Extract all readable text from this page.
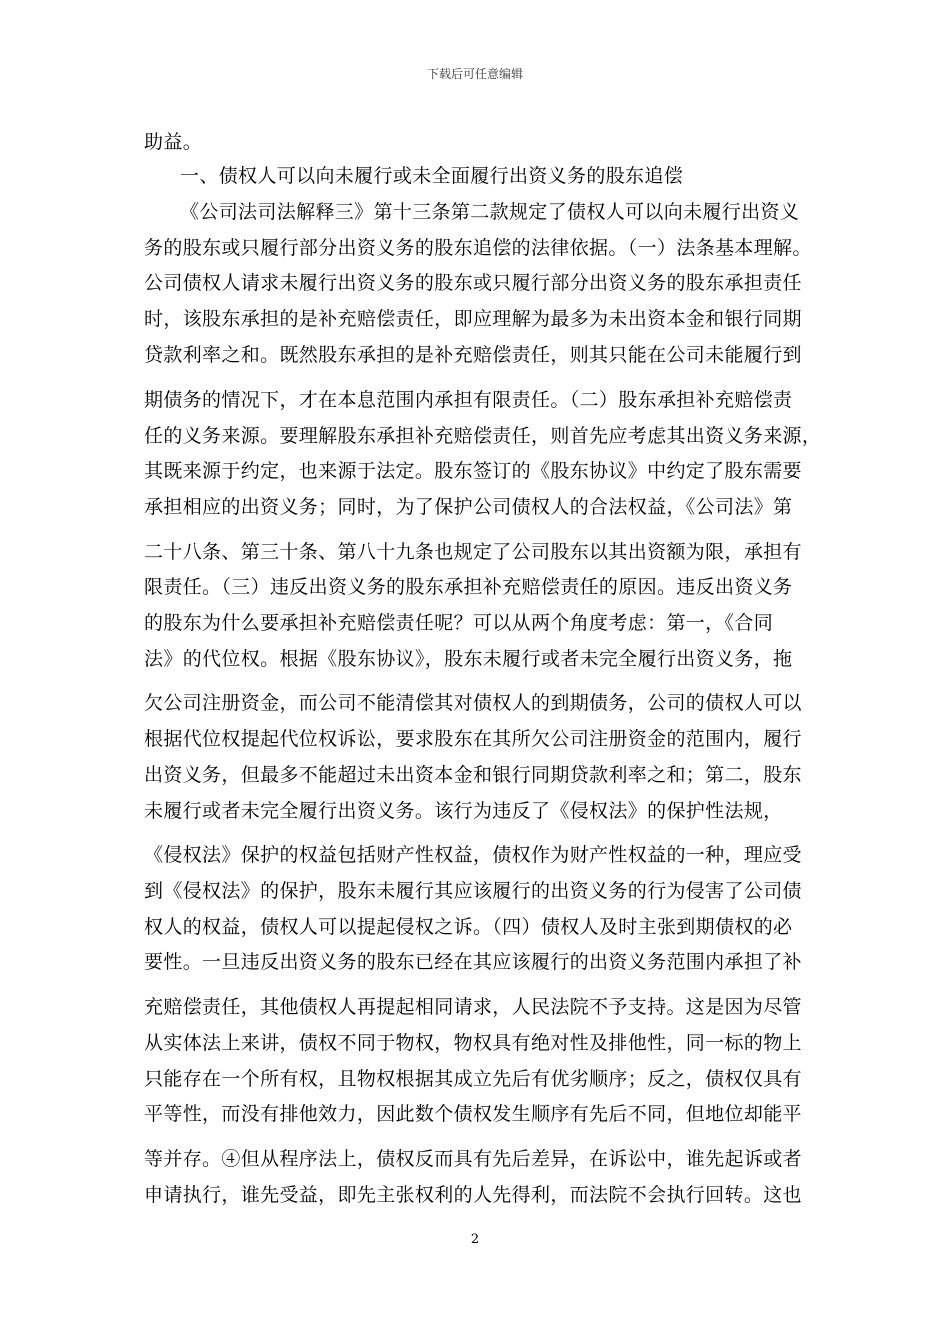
下载后可任意编辑
助益。
一、债权人可以向未履行或未全面履行出资义务的股东追偿
《公司法司法解释三》第十三条第二款规定了债权人可以向未履行出资义
务的股东或只履行部分出资义务的股东追偿的法律依据。（一）法条基本理解。
公司债权人请求未履行出资义务的股东或只履行部分出资义务的股东承担责任
时，该股东承担的是补充赔偿责任，即应理解为最多为未出资本金和银行同期
贷款利率之和。既然股东承担的是补充赔偿责任，则其只能在公司未能履行到
期债务的情况下，才在本息范围内承担有限责任。（二）股东承担补充赔偿责
任的义务来源。要理解股东承担补充赔偿责任，则首先应考虑其出资义务来源，
其既来源于约定，也来源于法定。股东签订的《股东协议》中约定了股东需要
承担相应的出资义务；同时，为了保护公司债权人的合法权益，《公司法》第
二十八条、第三十条、第八十九条也规定了公司股东以其出资额为限，承担有
限责任。（三）违反出资义务的股东承担补充赔偿责任的原因。违反出资义务
的股东为什么要承担补充赔偿责任呢？可以从两个角度考虑：第一，《合同
法》的代位权。根据《股东协议》，股东未履行或者未完全履行出资义务，拖
欠公司注册资金，而公司不能清偿其对债权人的到期债务，公司的债权人可以
根据代位权提起代位权诉讼，要求股东在其所欠公司注册资金的范围内，履行
出资义务，但最多不能超过未出资本金和银行同期贷款利率之和；第二，股东
未履行或者未完全履行出资义务。该行为违反了《侵权法》的保护性法规，
《侵权法》保护的权益包括财产性权益，债权作为财产性权益的一种，理应受
到《侵权法》的保护，股东未履行其应该履行的出资义务的行为侵害了公司债
权人的权益，债权人可以提起侵权之诉。（四）债权人及时主张到期债权的必
要性。一旦违反出资义务的股东已经在其应该履行的出资义务范围内承担了补
充赔偿责任，其他债权人再提起相同请求，人民法院不予支持。这是因为尽管
从实体法上来讲，债权不同于物权，物权具有绝对性及排他性，同一标的物上
只能存在一个所有权，且物权根据其成立先后有优劣顺序；反之，债权仅具有
平等性，而没有排他效力，因此数个债权发生顺序有先后不同，但地位却能平
等并存。④但从程序法上，债权反而具有先后差异，在诉讼中，谁先起诉或者
申请执行，谁先受益，即先主张权利的人先得利，而法院不会执行回转。这也
2
